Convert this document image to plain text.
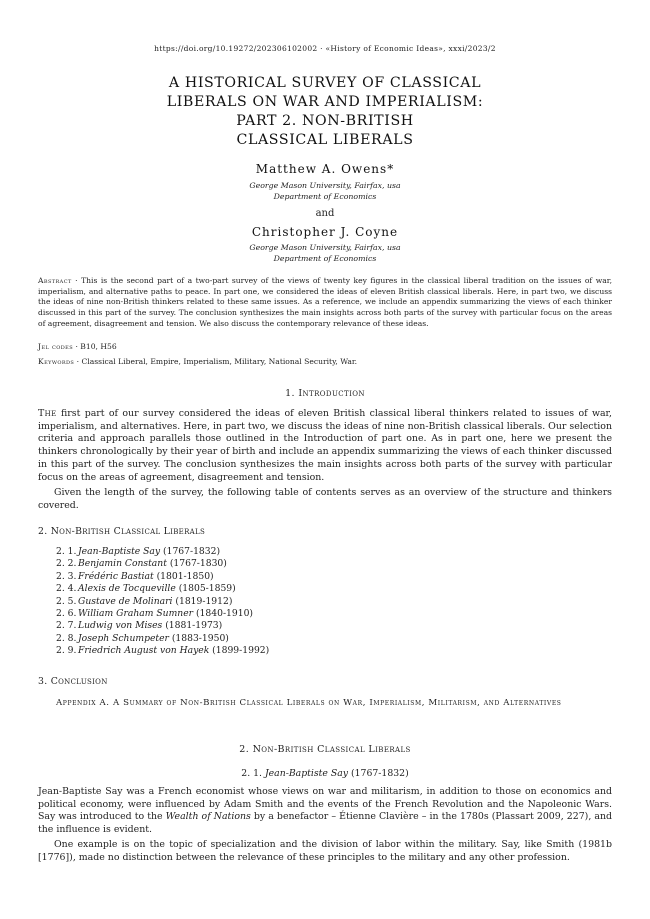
https://doi.org/10.19272/202306102002 · «History of Economic Ideas», xxxi/2023/2
A HISTORICAL SURVEY OF CLASSICAL
LIBERALS ON WAR AND IMPERIALISM:
PART 2. NON-BRITISH
CLASSICAL LIBERALS
Matthew A. Owens*
George Mason University, Fairfax, usa
Department of Economics
and
Christopher J. Coyne
George Mason University, Fairfax, usa
Department of Economics
Abstract · This is the second part of a two-part survey of the views of twenty key figures in the classical liberal tradition on the issues of war, imperialism, and alternative paths to peace. In part one, we considered the ideas of eleven British classical liberals. Here, in part two, we discuss the ideas of nine non-British thinkers related to these same issues. As a reference, we include an appendix summarizing the views of each thinker discussed in this part of the survey. The conclusion synthesizes the main insights across both parts of the survey with particular focus on the areas of agreement, disagreement and tension. We also discuss the contemporary relevance of these ideas.
Jel codes · B10, H56
Keywords · Classical Liberal, Empire, Imperialism, Military, National Security, War.
1. Introduction
The first part of our survey considered the ideas of eleven British classical liberal thinkers related to issues of war, imperialism, and alternatives. Here, in part two, we discuss the ideas of nine non-British classical liberals. Our selection criteria and approach parallels those outlined in the Introduction of part one. As in part one, here we present the thinkers chronologically by their year of birth and include an appendix summarizing the views of each thinker discussed in this part of the survey. The conclusion synthesizes the main insights across both parts of the survey with particular focus on the areas of agreement, disagreement and tension.
Given the length of the survey, the following table of contents serves as an overview of the structure and thinkers covered.
2. Non-British Classical Liberals
2. 1. Jean-Baptiste Say (1767-1832)
2. 2. Benjamin Constant (1767-1830)
2. 3. Frédéric Bastiat (1801-1850)
2. 4. Alexis de Tocqueville (1805-1859)
2. 5. Gustave de Molinari (1819-1912)
2. 6. William Graham Sumner (1840-1910)
2. 7. Ludwig von Mises (1881-1973)
2. 8. Joseph Schumpeter (1883-1950)
2. 9. Friedrich August von Hayek (1899-1992)
3. Conclusion
Appendix A. A Summary of Non-British Classical Liberals on War, Imperialism, Militarism, and Alternatives
2. Non-British Classical Liberals
2. 1. Jean-Baptiste Say (1767-1832)
Jean-Baptiste Say was a French economist whose views on war and militarism, in addition to those on economics and political economy, were influenced by Adam Smith and the events of the French Revolution and the Napoleonic Wars. Say was introduced to the Wealth of Nations by a benefactor – Étienne Clavière – in the 1780s (Plassart 2009, 227), and the influence is evident.
One example is on the topic of specialization and the division of labor within the military. Say, like Smith (1981b [1776]), made no distinction between the relevance of these principles to the military and any other profession.
